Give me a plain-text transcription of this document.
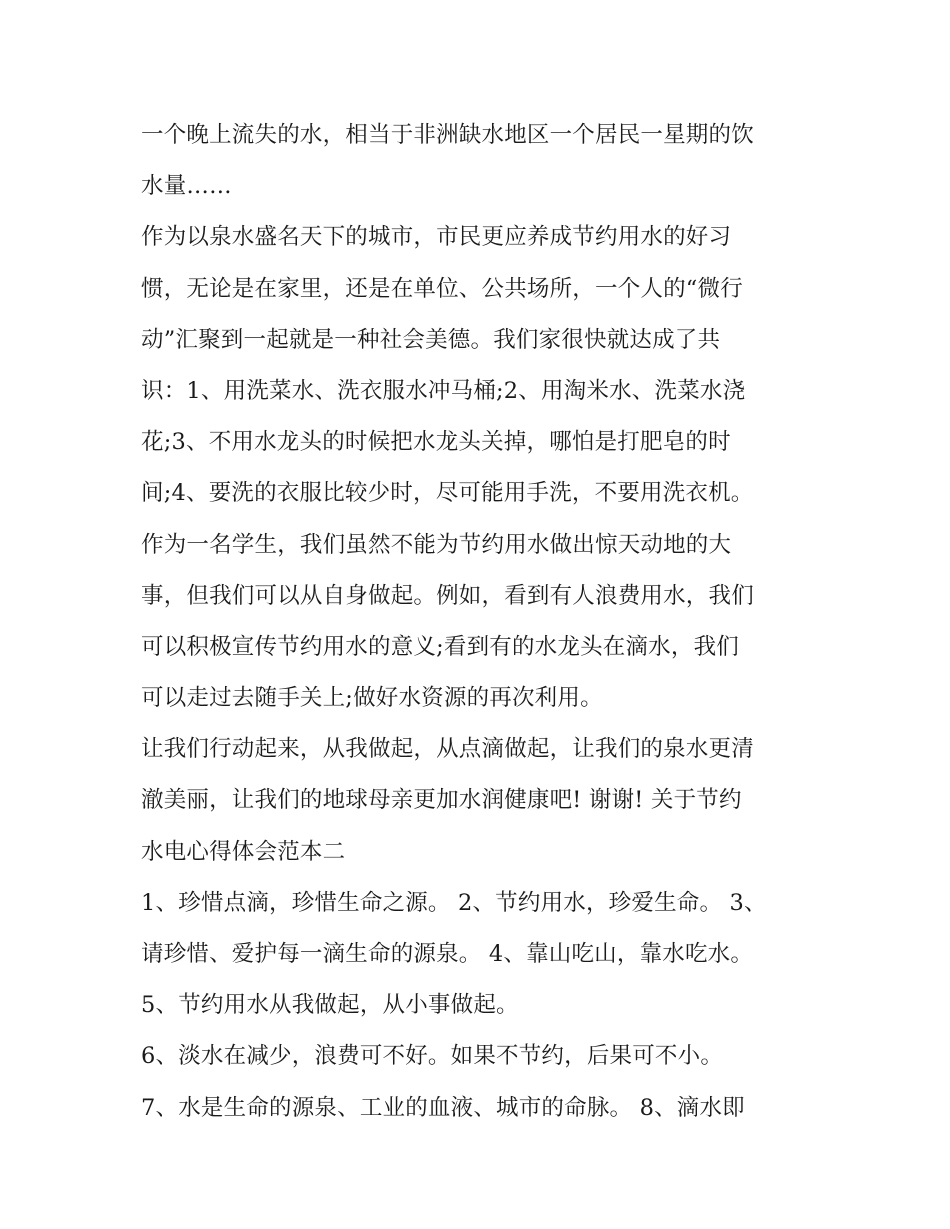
一个晚上流失的水，相当于非洲缺水地区一个居民一星期的饮
水量……
作为以泉水盛名天下的城市，市民更应养成节约用水的好习
惯，无论是在家里，还是在单位、公共场所，一个人的“微行
动”汇聚到一起就是一种社会美德。我们家很快就达成了共
识：1、用洗菜水、洗衣服水冲马桶;2、用淘米水、洗菜水浇
花;3、不用水龙头的时候把水龙头关掉，哪怕是打肥皂的时
间;4、要洗的衣服比较少时，尽可能用手洗，不要用洗衣机。
作为一名学生，我们虽然不能为节约用水做出惊天动地的大
事，但我们可以从自身做起。例如，看到有人浪费用水，我们
可以积极宣传节约用水的意义;看到有的水龙头在滴水，我们
可以走过去随手关上;做好水资源的再次利用。
让我们行动起来，从我做起，从点滴做起，让我们的泉水更清
澈美丽，让我们的地球母亲更加水润健康吧! 谢谢! 关于节约
水电心得体会范本二
1、珍惜点滴，珍惜生命之源。 2、节约用水，珍爱生命。 3、
请珍惜、爱护每一滴生命的源泉。 4、靠山吃山，靠水吃水。
5、节约用水从我做起，从小事做起。
6、淡水在减少，浪费可不好。如果不节约，后果可不小。
7、水是生命的源泉、工业的血液、城市的命脉。 8、滴水即
